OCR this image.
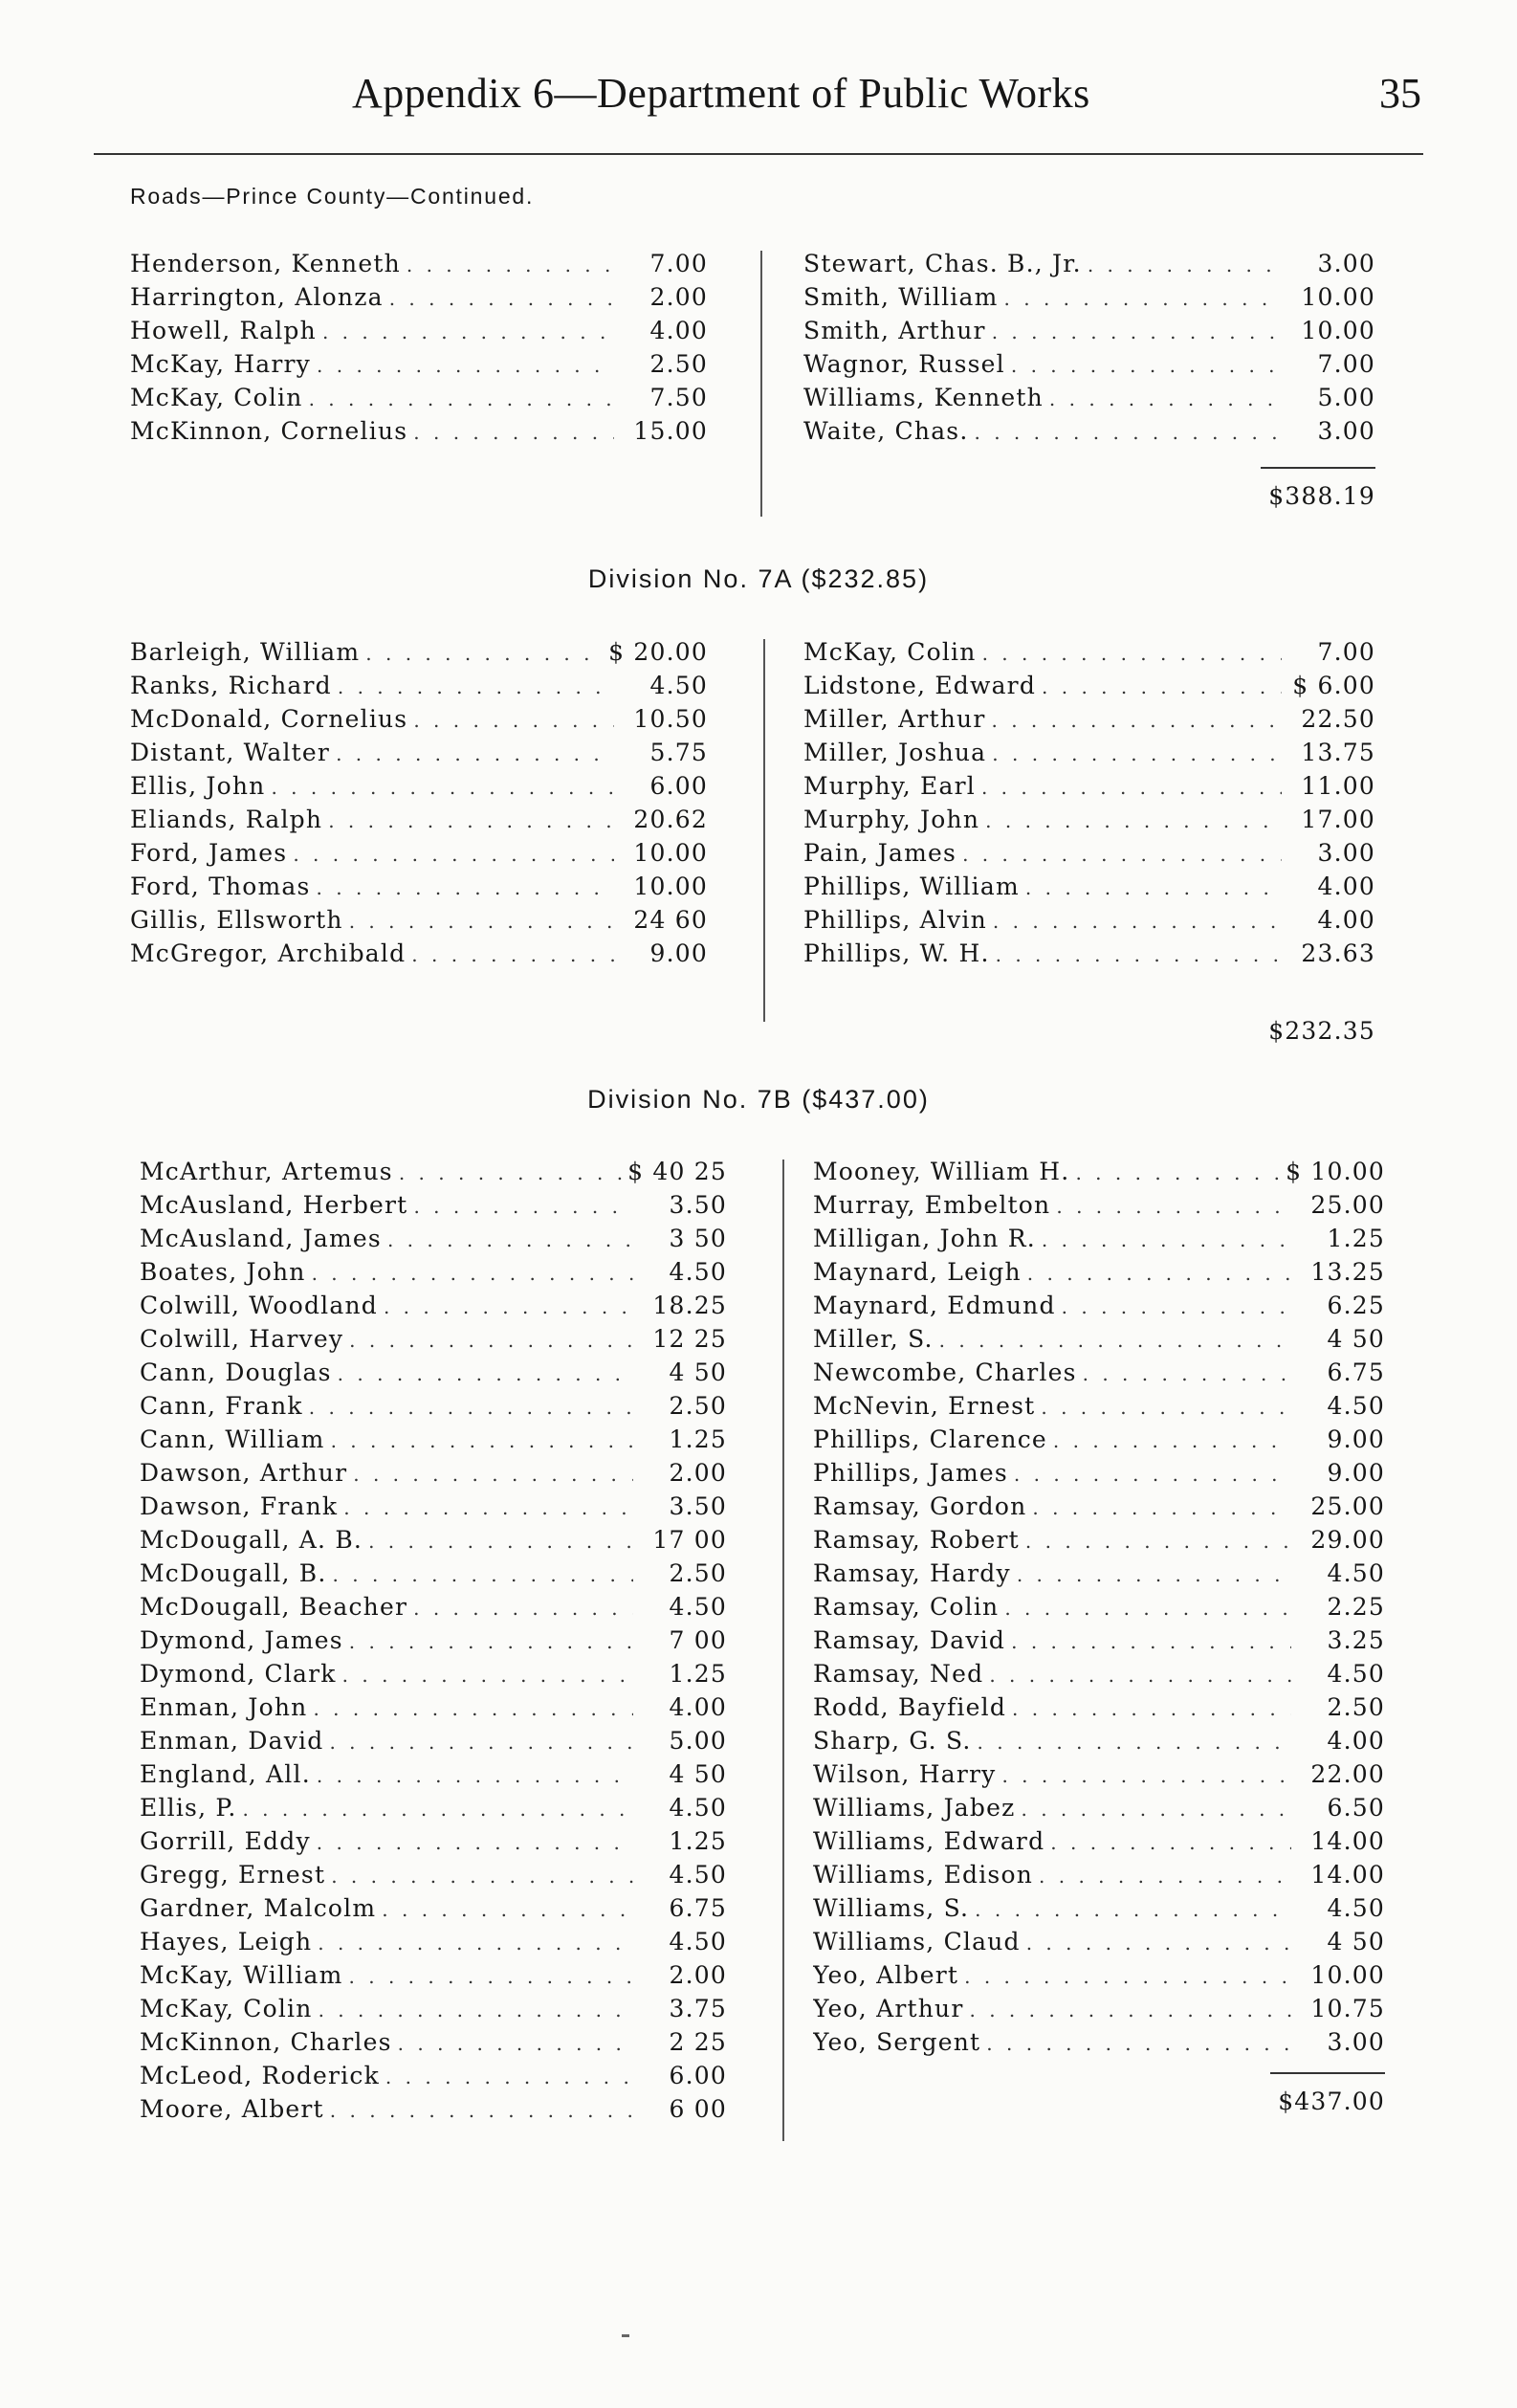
Appendix 6—Department of Public Works	35
Roads—Prince County—Continued.
Henderson, Kenneth . . .	7.00
Harrington, Alonza . . .	2.00
Howell, Ralph . . .	4.00
McKay, Harry . . .	2.50
McKay, Colin . . .	7.50
McKinnon, Cornelius . . .	15.00
Stewart, Chas. B., Jr. . . .	3.00
Smith, William . . .	10.00
Smith, Arthur . . .	10.00
Wagnor, Russel . . .	7.00
Williams, Kenneth . . .	5.00
Waite, Chas. . . .	3.00
$388.19
Division No. 7A ($232.85)
Barleigh, William . . .	$ 20.00
Ranks, Richard . . .	4.50
McDonald, Cornelius . . .	10.50
Distant, Walter . . .	5.75
Ellis, John . . .	6.00
Eliands, Ralph . . .	20.62
Ford, James . . .	10.00
Ford, Thomas . . .	10.00
Gillis, Ellsworth . . .	24 60
McGregor, Archibald . . .	9.00
McKay, Colin . . .	7.00
Lidstone, Edward . . .	$ 6.00
Miller, Arthur . . .	22.50
Miller, Joshua . . .	13.75
Murphy, Earl . . .	11.00
Murphy, John . . .	17.00
Pain, James . . .	3.00
Phillips, William . . .	4.00
Phillips, Alvin . . .	4.00
Phillips, W. H. . . .	23.63
$232.35
Division No. 7B ($437.00)
McArthur, Artemus . . .	$ 40 25
McAusland, Herbert . . .	3.50
McAusland, James . . .	3 50
Boates, John . . .	4.50
Colwill, Woodland . . .	18.25
Colwill, Harvey . . .	12 25
Cann, Douglas . . .	4 50
Cann, Frank . . .	2.50
Cann, William . . .	1.25
Dawson, Arthur . . .	2.00
Dawson, Frank . . .	3.50
McDougall, A. B. . . .	17 00
McDougall, B. . . .	2.50
McDougall, Beacher . . .	4.50
Dymond, James . . .	7 00
Dymond, Clark . . .	1.25
Enman, John . . .	4.00
Enman, David . . .	5.00
England, All. . . .	4 50
Ellis, P. . . .	4.50
Gorrill, Eddy . . .	1.25
Gregg, Ernest . . .	4.50
Gardner, Malcolm . . .	6.75
Hayes, Leigh . . .	4.50
McKay, William . . .	2.00
McKay, Colin . . .	3.75
McKinnon, Charles . . .	2 25
McLeod, Roderick . . .	6.00
Moore, Albert . . .	6 00
Mooney, William H. . . .	$ 10.00
Murray, Embelton . . .	25.00
Milligan, John R. . . .	1.25
Maynard, Leigh . . .	13.25
Maynard, Edmund . . .	6.25
Miller, S. . . .	4 50
Newcombe, Charles . . .	6.75
McNevin, Ernest . . .	4.50
Phillips, Clarence . . .	9.00
Phillips, James . . .	9.00
Ramsay, Gordon . . .	25.00
Ramsay, Robert . . .	29.00
Ramsay, Hardy . . .	4.50
Ramsay, Colin . . .	2.25
Ramsay, David . . .	3.25
Ramsay, Ned . . .	4.50
Rodd, Bayfield . . .	2.50
Sharp, G. S. . . .	4.00
Wilson, Harry . . .	22.00
Williams, Jabez . . .	6.50
Williams, Edward . . .	14.00
Williams, Edison . . .	14.00
Williams, S. . . .	4.50
Williams, Claud . . .	4 50
Yeo, Albert . . .	10.00
Yeo, Arthur . . .	10.75
Yeo, Sergent . . .	3.00
$437.00
